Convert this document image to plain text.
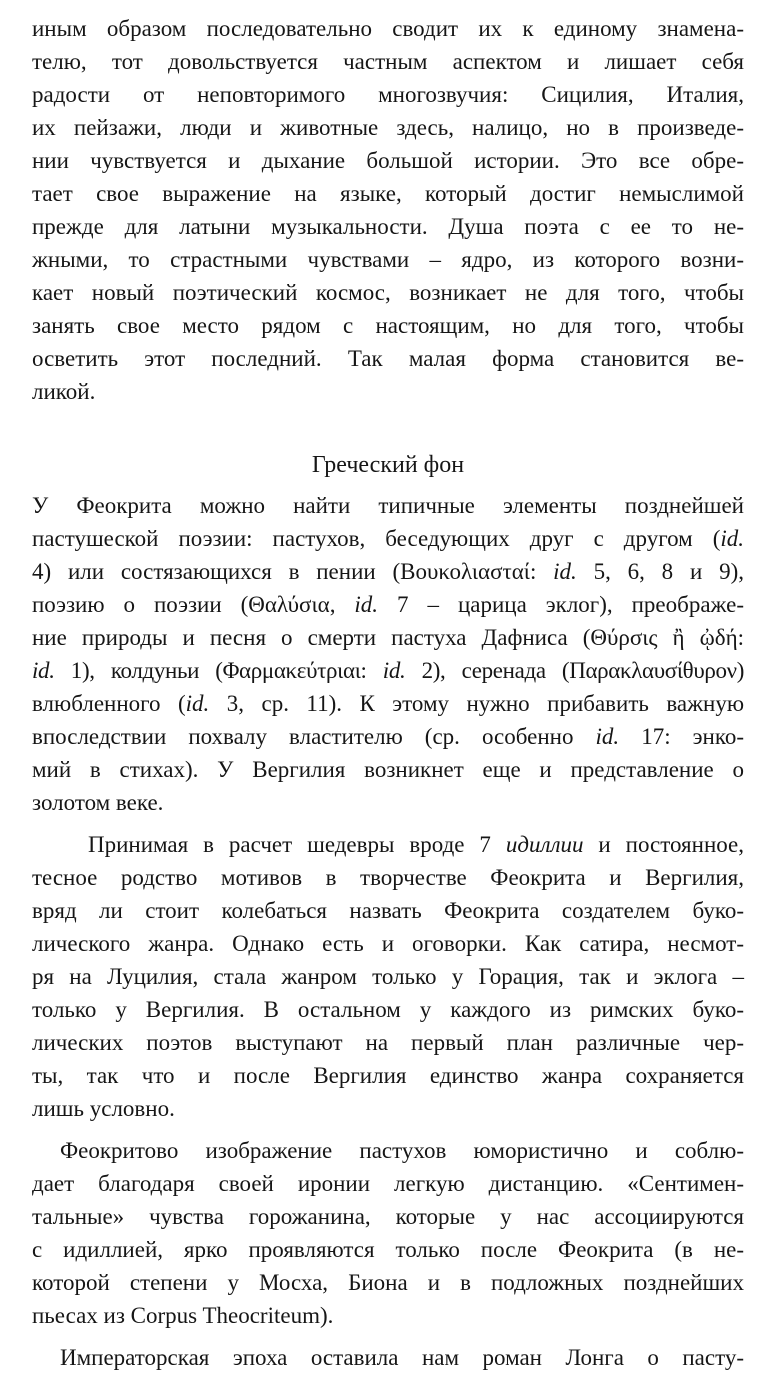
иным образом последовательно сводит их к единому знамена-
телю, тот довольствуется частным аспектом и лишает себя
радости от неповторимого многозвучия: Сицилия, Италия,
их пейзажи, люди и животные здесь, налицо, но в произведе-
нии чувствуется и дыхание большой истории. Это все обре-
тает свое выражение на языке, который достиг немыслимой
прежде для латыни музыкальности. Душа поэта с ее то не-
жными, то страстными чувствами – ядро, из которого возни-
кает новый поэтический космос, возникает не для того, чтобы
занять свое место рядом с настоящим, но для того, чтобы
осветить этот последний. Так малая форма становится ве-
ликой.
Греческий фон
У Феокрита можно найти типичные элементы позднейшей
пастушеской поэзии: пастухов, беседующих друг с другом (id.
4) или состязающихся в пении (Βουκολιασταί: id. 5, 6, 8 и 9),
поэзию о поэзии (Θαλύσια, id. 7 – царица эклог), преображе-
ние природы и песня о смерти пастуха Дафниса (Θύρσις ἢ ᾠδή:
id. 1), колдуньи (Φαρμακεύτριαι: id. 2), серенада (Παρακλαυσίθυρον)
влюбленного (id. 3, ср. 11). К этому нужно прибавить важную
впоследствии похвалу властителю (ср. особенно id. 17: энко-
мий в стихах). У Вергилия возникнет еще и представление о
золотом веке.
Принимая в расчет шедевры вроде 7 идиллии и постоянное,
тесное родство мотивов в творчестве Феокрита и Вергилия,
вряд ли стоит колебаться назвать Феокрита создателем буко-
лического жанра. Однако есть и оговорки. Как сатира, несмот-
ря на Луцилия, стала жанром только у Горация, так и эклога –
только у Вергилия. В остальном у каждого из римских буко-
лических поэтов выступают на первый план различные чер-
ты, так что и после Вергилия единство жанра сохраняется
лишь условно.
Феокритово изображение пастухов юмористично и соблю-
дает благодаря своей иронии легкую дистанцию. «Сентимен-
тальные» чувства горожанина, которые у нас ассоциируются
с идиллией, ярко проявляются только после Феокрита (в не-
которой степени у Мосха, Биона и в подложных позднейших
пьесах из Corpus Theocriteum).
Императорская эпоха оставила нам роман Лонга о пасту-
